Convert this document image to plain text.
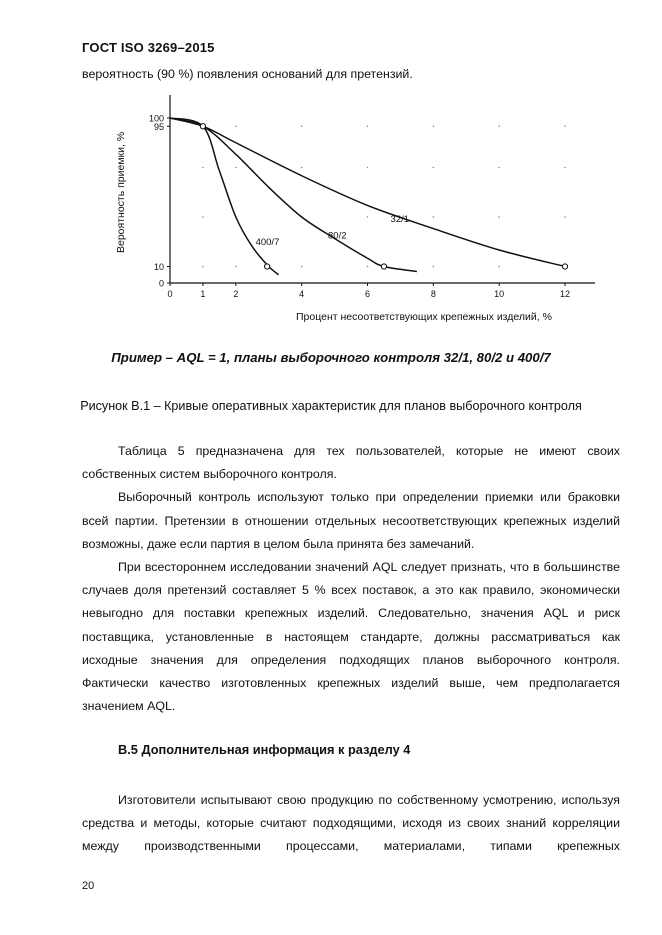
ГОСТ ISO 3269–2015
вероятность (90 %) появления оснований для претензий.
100
95
10
0
0	1	2	4	6	8	10	12
400/7
80/2
32/1
Вероятность приемки, %
Процент несоответствующих крепежных изделий, %
Пример – AQL = 1, планы выборочного контроля 32/1, 80/2 и 400/7
Рисунок В.1 – Кривые оперативных характеристик для планов выборочного контроля

Таблица 5 предназначена для тех пользователей, которые не имеют своих собственных систем выборочного контроля.

Выборочный контроль используют только при определении приемки или браковки всей партии. Претензии в отношении отдельных несоответствующих крепежных изделий возможны, даже если партия в целом была принята без замечаний.

При всестороннем исследовании значений AQL следует признать, что в большинстве случаев доля претензий составляет 5 % всех поставок, а это как правило, экономически невыгодно для поставки крепежных изделий. Следовательно, значения AQL и риск поставщика, установленные в настоящем стандарте, должны рассматриваться как исходные значения для определения подходящих планов выборочного контроля. Фактически качество изготовленных крепежных изделий выше, чем предполагается значением AQL.

В.5 Дополнительная информация к разделу 4

Изготовители испытывают свою продукцию по собственному усмотрению, используя средства и методы, которые считают подходящими, исходя из своих знаний корреляции между производственными процессами, материалами, типами крепежных

20
